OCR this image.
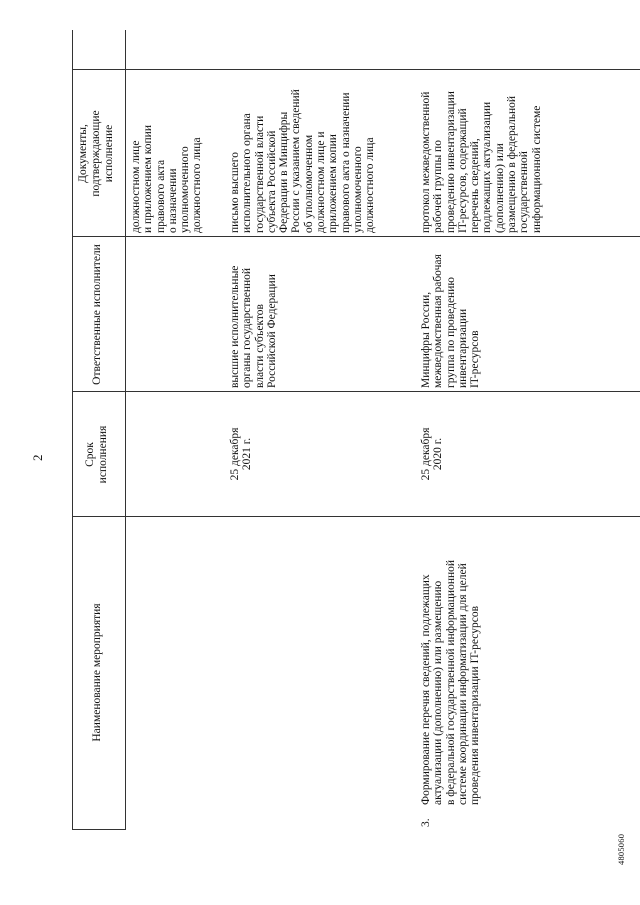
Наименование мероприятия
Срок
исполнения
Ответственные исполнители
Документы,
подтверждающие
исполнение
должностном лице
и приложением копии
правового акта
о назначении
уполномоченного
должностного лица
25 декабря
2021 г.
высшие исполнительные
органы государственной
власти субъектов
Российской Федерации
письмо высшего
исполнительного органа
государственной власти
субъекта Российской
Федерации в Минцифры
России с указанием сведений
об уполномоченном
должностном лице и
приложением копии
правового акта о назначении
уполномоченного
должностного лица
3.
Формирование перечня сведений, подлежащих
актуализации (дополнению) или размещению
в федеральной государственной информационной
системе координации информатизации для целей
проведения инвентаризации IT-ресурсов
25 декабря
2020 г.
Минцифры России,
межведомственная рабочая
группа по проведению
инвентаризации
IT-ресурсов
протокол межведомственной
рабочей группы по
проведению инвентаризации
IT-ресурсов, содержащий
перечень сведений,
подлежащих актуализации
(дополнению) или
размещению в федеральной
государственной
информационной системе
2
4805060
